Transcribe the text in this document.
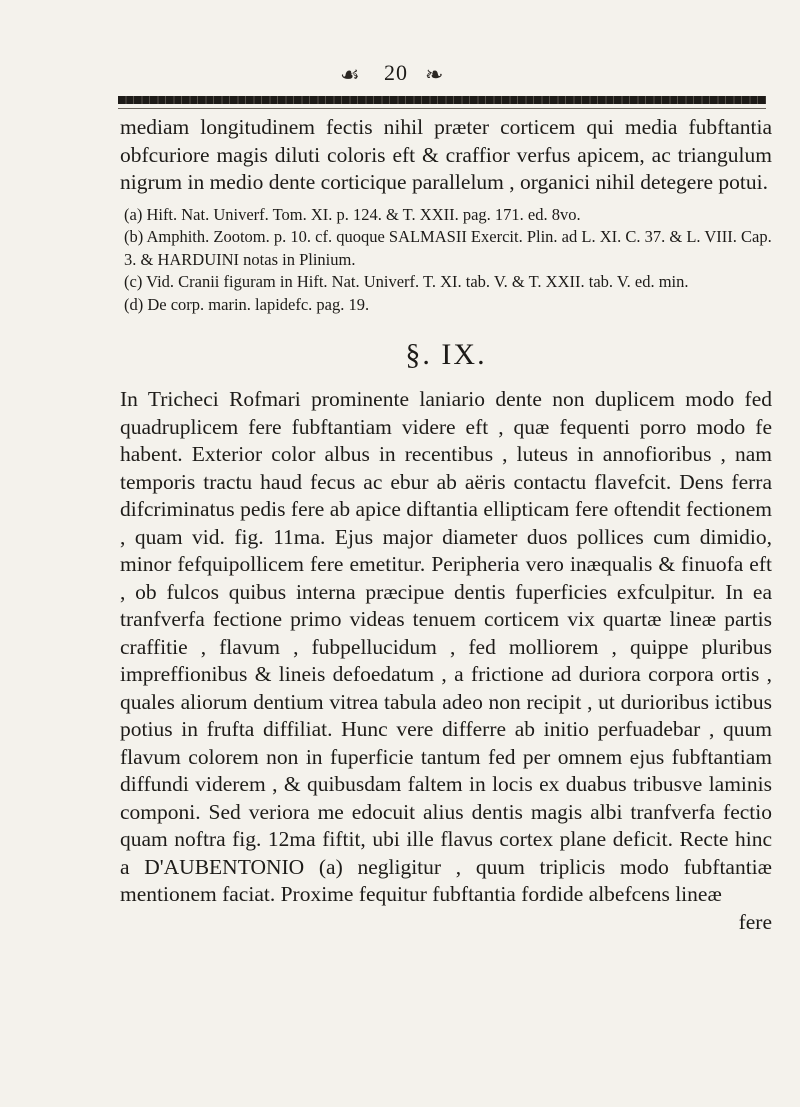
☙ 20 ❧

mediam longitudinem fectis nihil præter corticem qui media fubftantia obfcuriore magis diluti coloris eft & craffior verfus apicem, ac triangulum nigrum in medio dente corticique parallelum , organici nihil detegere potui.

(a) Hift. Nat. Univerf. Tom. XI. p. 124. & T. XXII. pag. 171. ed. 8vo.

(b) Amphith. Zootom. p. 10. cf. quoque SALMASII Exercit. Plin. ad L. XI. C. 37. & L. VIII. Cap. 3. & HARDUINI notas in Plinium.

(c) Vid. Cranii figuram in Hift. Nat. Univerf. T. XI. tab. V. & T. XXII. tab. V. ed. min.

(d) De corp. marin. lapidefc. pag. 19.

§. IX.

In Tricheci Rofmari prominente laniario dente non duplicem modo fed quadruplicem fere fubftantiam videre eft , quæ fequenti porro modo fe habent. Exterior color albus in recentibus , luteus in annofioribus , nam temporis tractu haud fecus ac ebur ab aëris contactu flavefcit. Dens ferra difcriminatus pedis fere ab apice diftantia ellipticam fere oftendit fectionem , quam vid. fig. 11ma. Ejus major diameter duos pollices cum dimidio, minor fefquipollicem fere emetitur. Peripheria vero inæqualis & finuofa eft , ob fulcos quibus interna præcipue dentis fuperficies exfculpitur. In ea tranfverfa fectione primo videas tenuem corticem vix quartæ lineæ partis craffitie , flavum , fubpellucidum , fed molliorem , quippe pluribus impreffionibus & lineis defoedatum , a frictione ad duriora corpora ortis , quales aliorum dentium vitrea tabula adeo non recipit , ut durioribus ictibus potius in frufta diffiliat. Hunc vere differre ab initio perfuadebar , quum flavum colorem non in fuperficie tantum fed per omnem ejus fubftantiam diffundi viderem , & quibusdam faltem in locis ex duabus tribusve laminis componi. Sed veriora me edocuit alius dentis magis albi tranfverfa fectio quam noftra fig. 12ma fiftit, ubi ille flavus cortex plane deficit. Recte hinc a D'AUBENTONIO (a) negligitur , quum triplicis modo fubftantiæ mentionem faciat. Proxime fequitur fubftantia fordide albefcens lineæ

fere
